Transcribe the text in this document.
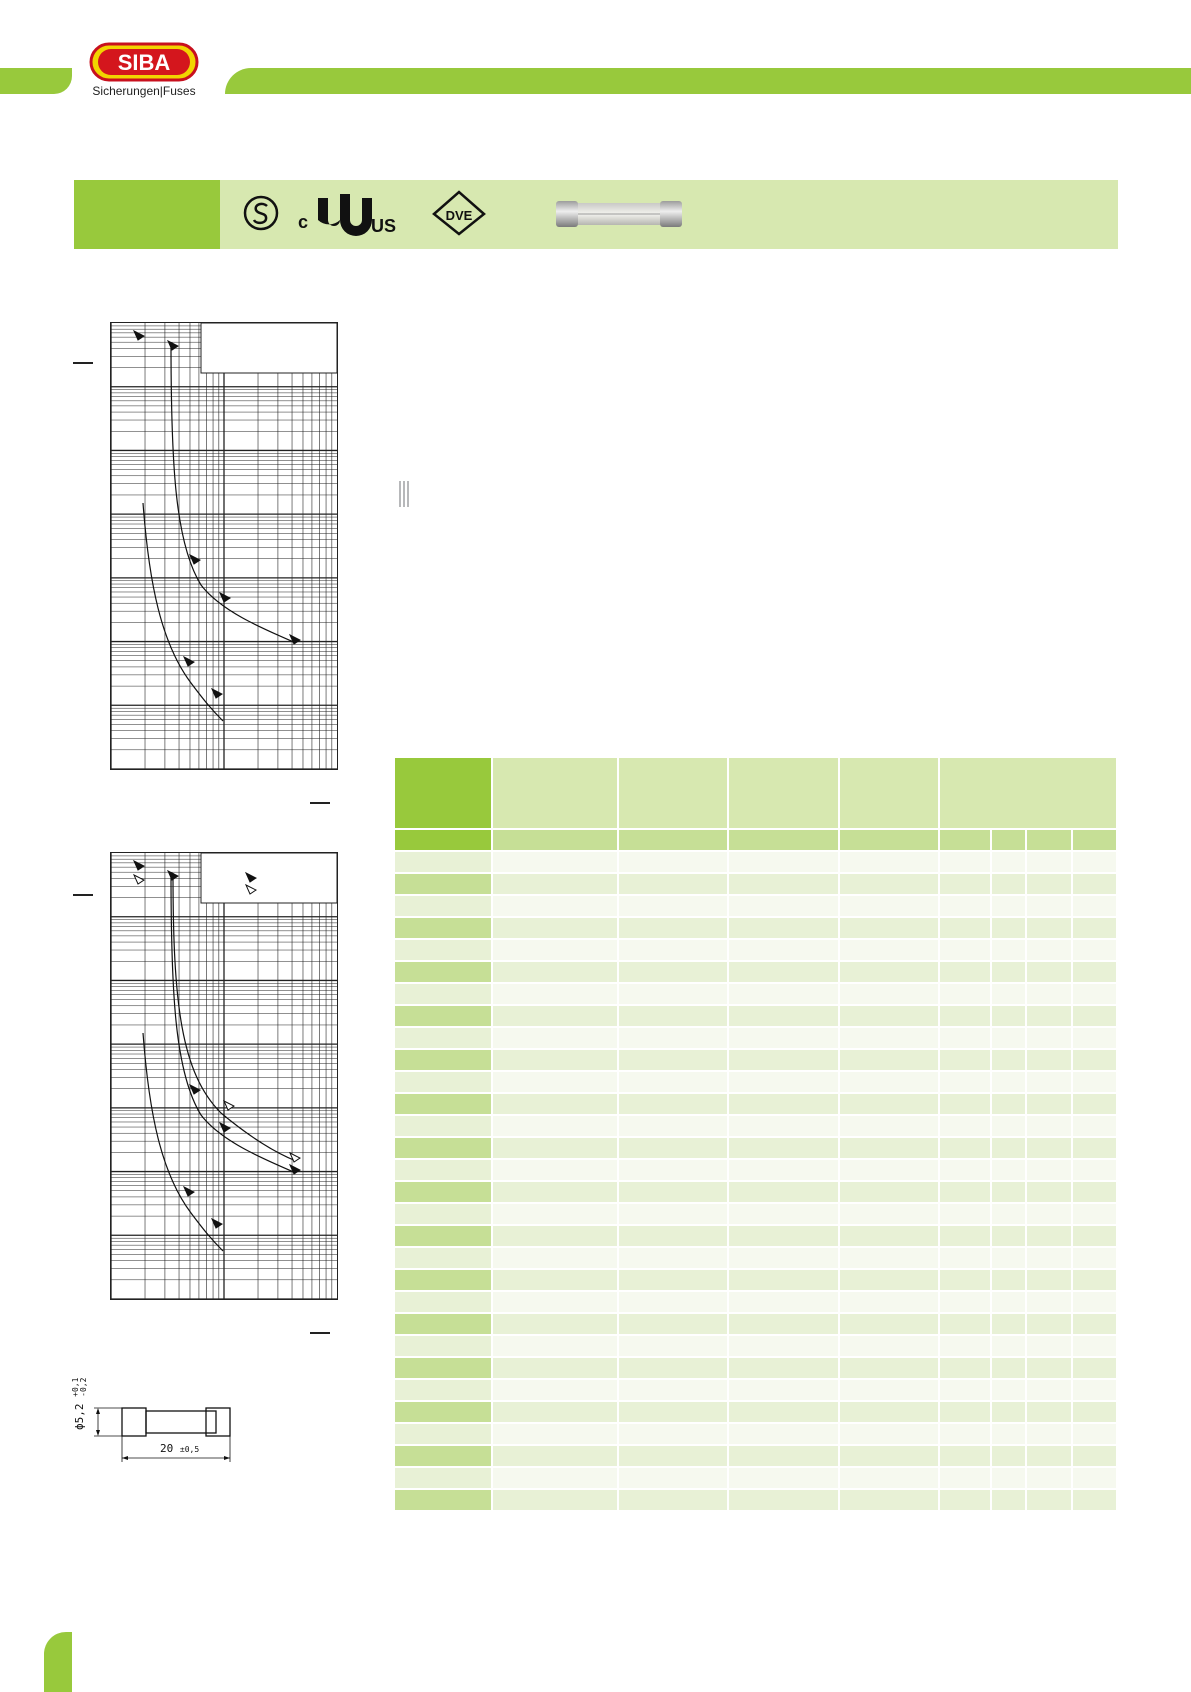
SIBA
Sicherungen|Fuses
c	US
DVE
ϕ5,2
+0,1 -0,2
20 ±0,5
